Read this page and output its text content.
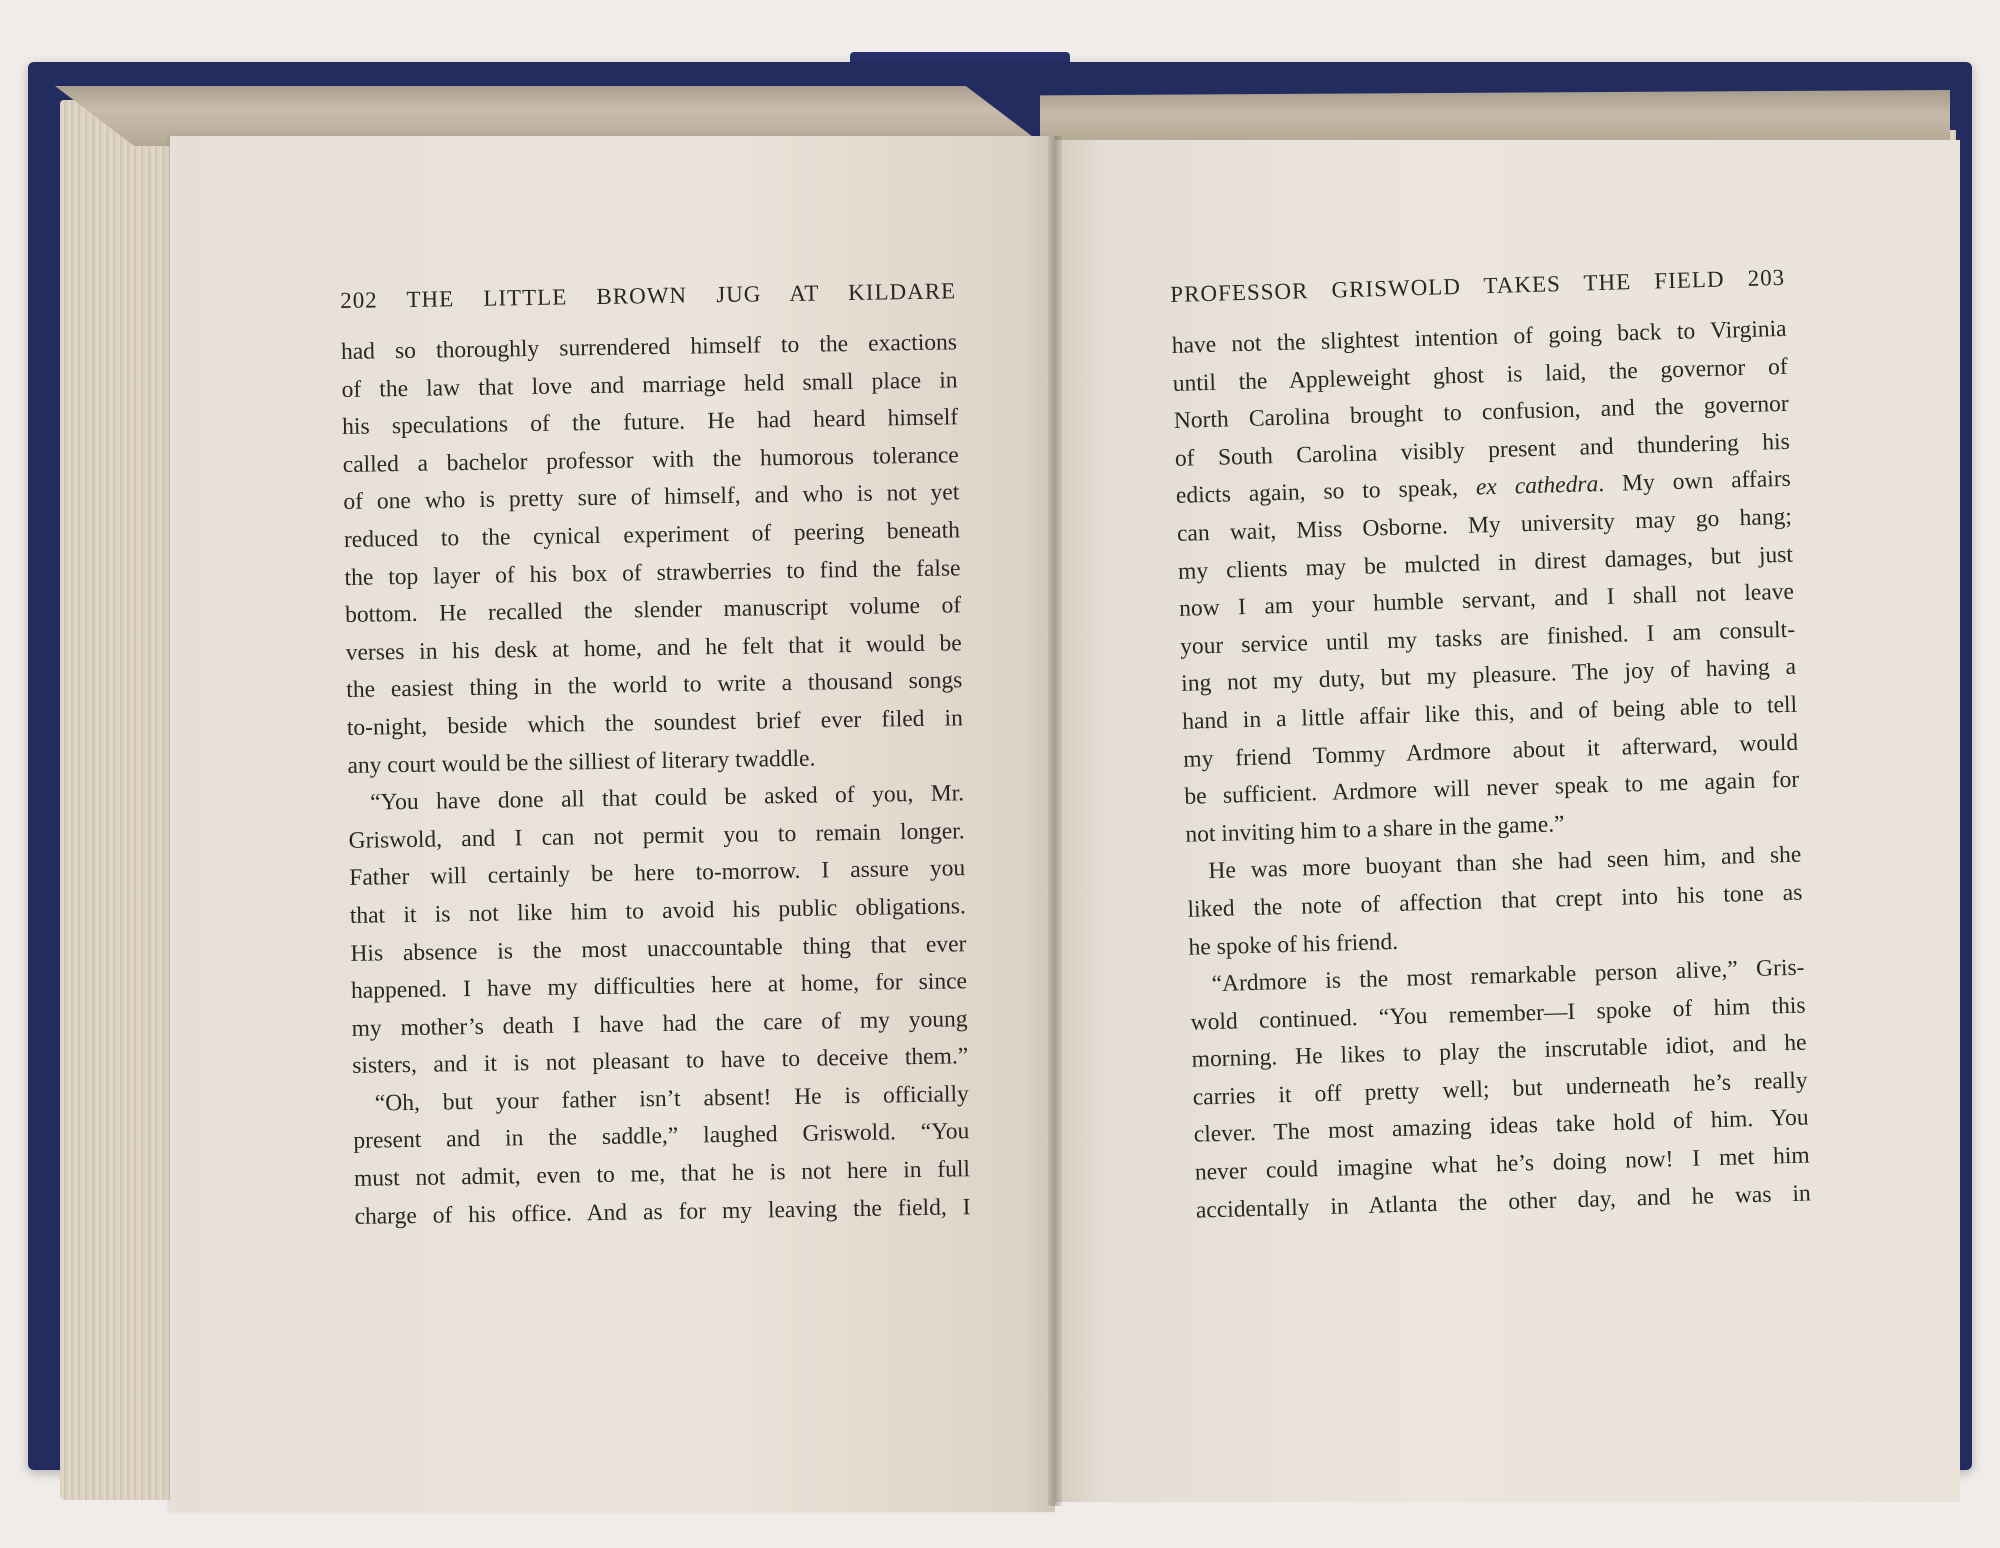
202 THE LITTLE BROWN JUG AT KILDARE
had so thoroughly surrendered himself to the exactions
of the law that love and marriage held small place in
his speculations of the future. He had heard himself
called a bachelor professor with the humorous tolerance
of one who is pretty sure of himself, and who is not yet
reduced to the cynical experiment of peering beneath
the top layer of his box of strawberries to find the false
bottom. He recalled the slender manuscript volume of
verses in his desk at home, and he felt that it would be
the easiest thing in the world to write a thousand songs
to-night, beside which the soundest brief ever filed in
any court would be the silliest of literary twaddle.
“You have done all that could be asked of you, Mr.
Griswold, and I can not permit you to remain longer.
Father will certainly be here to-morrow. I assure you
that it is not like him to avoid his public obligations.
His absence is the most unaccountable thing that ever
happened. I have my difficulties here at home, for since
my mother’s death I have had the care of my young
sisters, and it is not pleasant to have to deceive them.”
“Oh, but your father isn’t absent! He is officially
present and in the saddle,” laughed Griswold. “You
must not admit, even to me, that he is not here in full
charge of his office. And as for my leaving the field, I
PROFESSOR GRISWOLD TAKES THE FIELD 203
have not the slightest intention of going back to Virginia
until the Appleweight ghost is laid, the governor of
North Carolina brought to confusion, and the governor
of South Carolina visibly present and thundering his
edicts again, so to speak, ex cathedra. My own affairs
can wait, Miss Osborne. My university may go hang;
my clients may be mulcted in direst damages, but just
now I am your humble servant, and I shall not leave
your service until my tasks are finished. I am consult-
ing not my duty, but my pleasure. The joy of having a
hand in a little affair like this, and of being able to tell
my friend Tommy Ardmore about it afterward, would
be sufficient. Ardmore will never speak to me again for
not inviting him to a share in the game.”
He was more buoyant than she had seen him, and she
liked the note of affection that crept into his tone as
he spoke of his friend.
“Ardmore is the most remarkable person alive,” Gris-
wold continued. “You remember—I spoke of him this
morning. He likes to play the inscrutable idiot, and he
carries it off pretty well; but underneath he’s really
clever. The most amazing ideas take hold of him. You
never could imagine what he’s doing now! I met him
accidentally in Atlanta the other day, and he was in
